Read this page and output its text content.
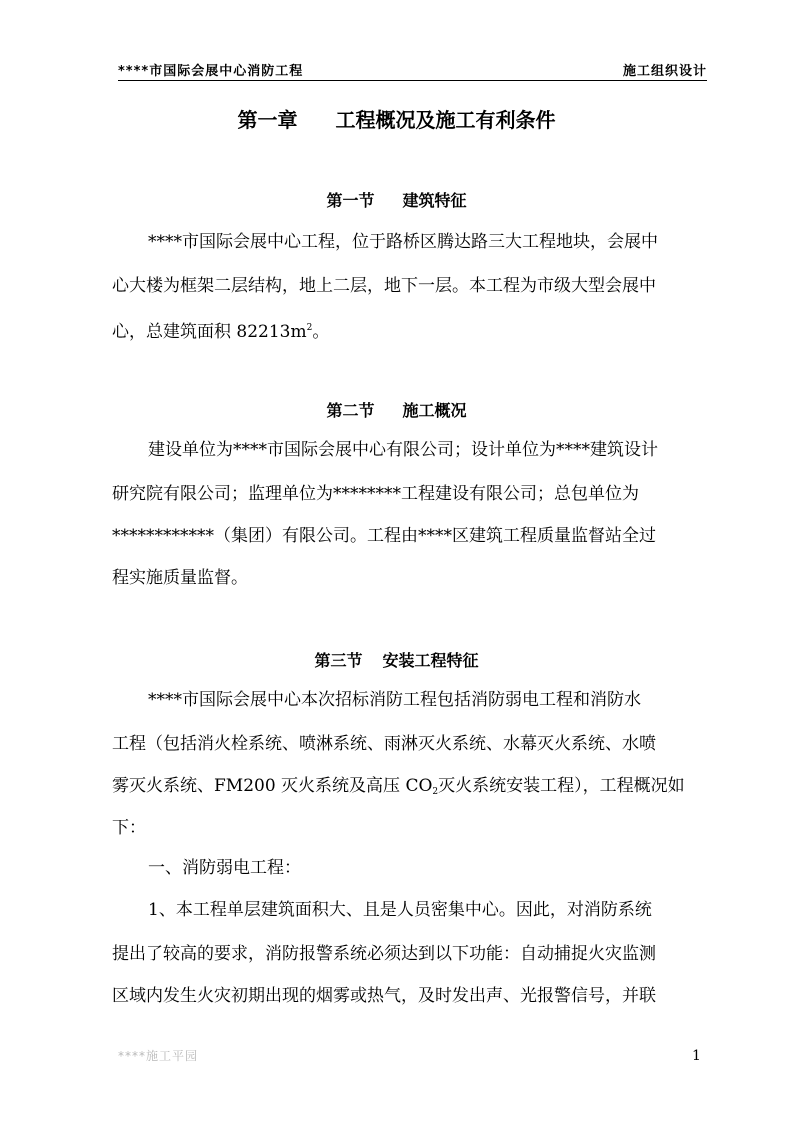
****市国际会展中心消防工程	施工组织设计
第一章 工程概况及施工有利条件
第一节 建筑特征
****市国际会展中心工程，位于路桥区腾达路三大工程地块，会展中
心大楼为框架二层结构，地上二层，地下一层。本工程为市级大型会展中
心，总建筑面积 $82213m^2$。
第二节 施工概况
建设单位为****市国际会展中心有限公司；设计单位为****建筑设计
研究院有限公司；监理单位为********工程建设有限公司；总包单位为
************（集团）有限公司。工程由****区建筑工程质量监督站全过
程实施质量监督。
第三节 安装工程特征
****市国际会展中心本次招标消防工程包括消防弱电工程和消防水
工程（包括消火栓系统、喷淋系统、雨淋灭火系统、水幕灭火系统、水喷
雾灭火系统、FM200 灭火系统及高压 $CO_2$灭火系统安装工程），工程概况如
下：
一、消防弱电工程：
1、本工程单层建筑面积大、且是人员密集中心。因此，对消防系统
提出了较高的要求，消防报警系统必须达到以下功能：自动捕捉火灾监测
区域内发生火灾初期出现的烟雾或热气，及时发出声、光报警信号，并联
****施工平园	1
